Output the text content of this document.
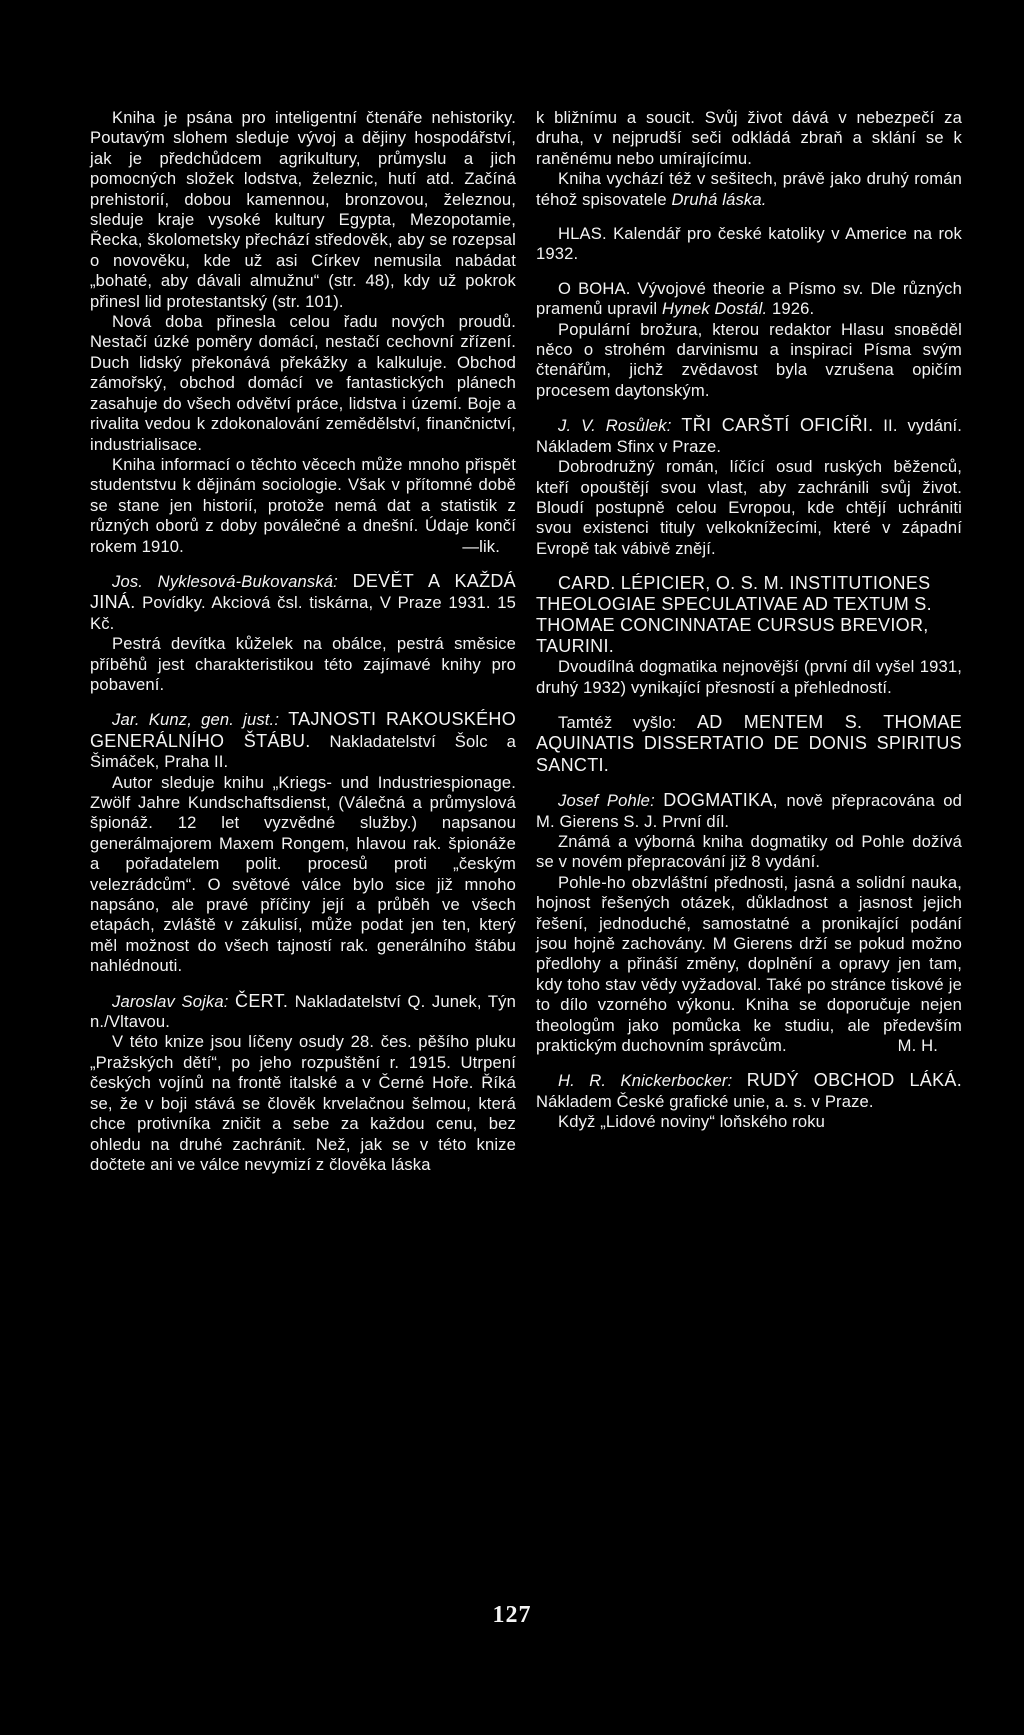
Kniha je psána pro inteligentní čtenáře nehistoriky. Poutavým slohem sleduje vývoj a dějiny hospodářství, jak je předchůdcem agrikultury, průmyslu a jich pomocných složek lodstva, železnic, hutí atd. Začíná prehistorií, dobou kamennou, bronzovou, železnou, sleduje kraje vysoké kultury Egypta, Mezopotamie, Řecka, školometsky přechází středověk, aby se rozepsal o novověku, kde už asi Církev nemusila nabádat „bohaté, aby dávali almužnu“ (str. 48), kdy už pokrok přinesl lid protestantský (str. 101).

Nová doba přinesla celou řadu nových proudů. Nestačí úzké poměry domácí, nestačí cechovní zřízení. Duch lidský překonává překážky a kalkuluje. Obchod zámořský, obchod domácí ve fantastických plánech zasahuje do všech odvětví práce, lidstva i území. Boje a rivalita vedou k zdokonalování zemědělství, finančnictví, industrialisace.

Kniha informací o těchto věcech může mnoho přispět studentstvu k dějinám sociologie. Však v přítomné době se stane jen historií, protože nemá dat a statistik z různých oborů z doby poválečné a dnešní. Údaje končí rokem 1910.	—lik.

Jos. Nyklesová-Bukovanská: DEVĚT A KAŽDÁ JINÁ. Povídky. Akciová čsl. tiskárna, V Praze 1931. 15 Kč.

Pestrá devítka kůželek na obálce, pestrá směsice příběhů jest charakteristikou této zajímavé knihy pro pobavení.

Jar. Kunz, gen. just.: TAJNOSTI RAKOUSKÉHO GENERÁLNÍHO ŠTÁBU. Nakladatelství Šolc a Šimáček, Praha II.

Autor sleduje knihu „Kriegs- und Industriespionage. Zwölf Jahre Kundschaftsdienst, (Válečná a průmyslová špionáž. 12 let vyzvědné služby.) napsanou generálmajorem Maxem Rongem, hlavou rak. špionáže a pořadatelem polit. procesů proti „českým velezrádcům“. O světové válce bylo sice již mnoho napsáno, ale pravé příčiny její a průběh ve všech etapách, zvláště v zákulisí, může podat jen ten, který měl možnost do všech tajností rak. generálního štábu nahlédnouti.

Jaroslav Sojka: ČERT. Nakladatelství Q. Junek, Týn n./Vltavou.

V této knize jsou líčeny osudy 28. čes. pěšího pluku „Pražských dětí“, po jeho rozpuštění r. 1915. Utrpení českých vojínů na frontě italské a v Černé Hoře. Říká se, že v boji stává se člověk krvelačnou šelmou, která chce protivníka zničit a sebe za každou cenu, bez ohledu na druhé zachránit. Než, jak se v této knize dočtete ani ve válce nevymizí z člověka láska

k bližnímu a soucit. Svůj život dává v nebezpečí za druha, v nejprudší seči odkládá zbraň a sklání se k raněnému nebo umírajícímu.

Kniha vychází též v sešitech, právě jako druhý román téhož spisovatele Druhá láska.

HLAS. Kalendář pro české katoliky v Americe na rok 1932.

O BOHA. Vývojové theorie a Písmo sv. Dle různých pramenů upravil Hynek Dostál. 1926.

Populární brožura, kterou redaktor Hlasu sповěděl něco o strohém darvinismu a inspiraci Písma svým čtenářům, jichž zvědavost byla vzrušena opičím procesem daytonským.

J. V. Rosůlek: TŘI CARŠTÍ OFICÍŘI. II. vydání. Nákladem Sfinx v Praze.

Dobrodružný román, líčící osud ruských běženců, kteří opouštějí svou vlast, aby zachránili svůj život. Bloudí postupně celou Evropou, kde chtějí uchrániti svou existenci tituly velkoknížecími, které v západní Evropě tak vábivě znějí.

CARD. LÉPICIER, O. S. M. INSTITUTIONES THEOLOGIAE SPECULATIVAE AD TEXTUM S. THOMAE CONCINNATAE CURSUS BREVIOR, TAURINI.

Dvoudílná dogmatika nejnovější (první díl vyšel 1931, druhý 1932) vynikající přesností a přehledností.

Tamtéž vyšlo: AD MENTEM S. THOMAE AQUINATIS DISSERTATIO DE DONIS SPIRITUS SANCTI.

Josef Pohle: DOGMATIKA, nově přepracována od M. Gierens S. J. První díl.

Známá a výborná kniha dogmatiky od Pohle dožívá se v novém přepracování již 8 vydání.

Pohle-ho obzvláštní přednosti, jasná a solidní nauka, hojnost řešených otázek, důkladnost a jasnost jejich řešení, jednoduché, samostatné a pronikající podání jsou hojně zachovány. M Gierens drží se pokud možno předlohy a přináší změny, doplnění a opravy jen tam, kdy toho stav vědy vyžadoval. Také po stránce tiskové je to dílo vzorného výkonu. Kniha se doporučuje nejen theologům jako pomůcka ke studiu, ale především praktickým duchovním správcům.	M. H.

H. R. Knickerbocker: RUDÝ OBCHOD LÁKÁ. Nákladem České grafické unie, a. s. v Praze.

Když „Lidové noviny“ loňského roku

127
